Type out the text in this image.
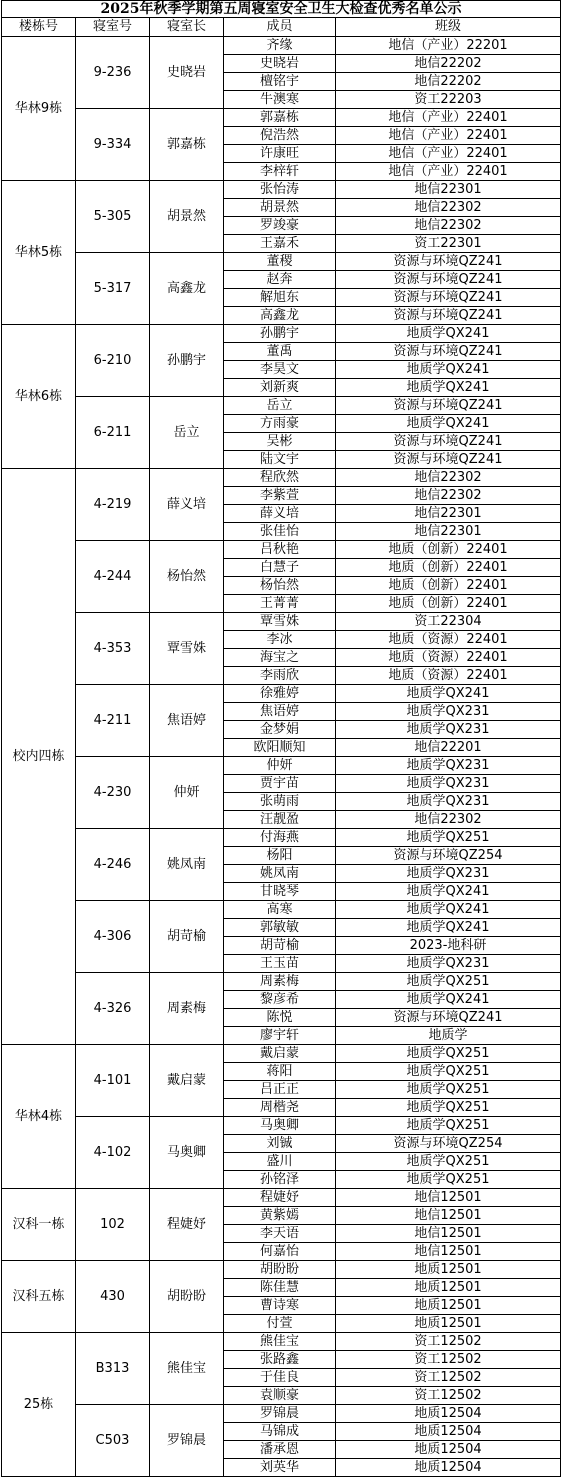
2025年秋季学期第五周寝室安全卫生大检查优秀名单公示				
楼栋号	寝室号	寝室长	成员	班级
华林9栋	9-236	史晓岩	齐缘	地信（产业）22201
			史晓岩	地信22202
			檀铭宇	地信22202
			牛澳寒	资工22203
	9-334	郭嘉栋	郭嘉栋	地信（产业）22401
			倪浩然	地信（产业）22401
			许康旺	地信（产业）22401
			李梓轩	地信（产业）22401
华林5栋	5-305	胡景然	张怡涛	地信22301
			胡景然	地信22302
			罗竣豪	地信22302
			王嘉禾	资工22301
	5-317	高鑫龙	董稷	资源与环境QZ241
			赵奔	资源与环境QZ241
			解旭东	资源与环境QZ241
			高鑫龙	资源与环境QZ241
华林6栋	6-210	孙鹏宇	孙鹏宇	地质学QX241
			董禹	资源与环境QZ241
			李昊文	地质学QX241
			刘新爽	地质学QX241
	6-211	岳立	岳立	资源与环境QZ241
			方雨豪	地质学QX241
			吴彬	资源与环境QZ241
			陆文宇	资源与环境QZ241
校内四栋	4-219	薛义培	程欣然	地信22302
			李紫萱	地信22302
			薛义培	地信22301
			张佳怡	地信22301
	4-244	杨怡然	吕秋艳	地质（创新）22401
			白慧子	地质（创新）22401
			杨怡然	地质（创新）22401
			王菁菁	地质（创新）22401
	4-353	覃雪姝	覃雪姝	资工22304
			李冰	地质（资源）22401
			海宝之	地质（资源）22401
			李雨欣	地质（资源）22401
	4-211	焦语婷	徐雅婷	地质学QX241
			焦语婷	地质学QX231
			金梦娟	地质学QX231
			欧阳顺知	地信22201
	4-230	仲妍	仲妍	地质学QX231
			贾宇苗	地质学QX231
			张萌雨	地质学QX231
			汪靓盈	地信22302
	4-246	姚凤南	付海燕	地质学QX251
			杨阳	资源与环境QZ254
			姚凤南	地质学QX231
			甘晓琴	地质学QX241
	4-306	胡苛榆	高寒	地质学QX241
			郭敏敏	地质学QX241
			胡苛榆	2023-地科研
			王玉苗	地质学QX231
	4-326	周素梅	周素梅	地质学QX251
			黎彦希	地质学QX241
			陈悦	资源与环境QZ241
			廖宇轩	地质学
华林4栋	4-101	戴启蒙	戴启蒙	地质学QX251
			蒋阳	地质学QX251
			吕正正	地质学QX251
			周楷尧	地质学QX251
	4-102	马奥卿	马奥卿	地质学QX251
			刘铖	资源与环境QZ254
			盛川	地质学QX251
			孙铭泽	地质学QX251
汉科一栋	102	程婕妤	程婕妤	地信12501
			黄紫嫣	地信12501
			李天语	地信12501
			何嘉怡	地信12501
汉科五栋	430	胡盼盼	胡盼盼	地质12501
			陈佳慧	地质12501
			曹诗寒	地质12501
			付萱	地质12501
25栋	B313	熊佳宝	熊佳宝	资工12502
			张路鑫	资工12502
			于佳良	资工12502
			袁顺豪	资工12502
	C503	罗锦晨	罗锦晨	地质12504
			马锦成	地质12504
			潘承恩	地质12504
			刘英华	地质12504
